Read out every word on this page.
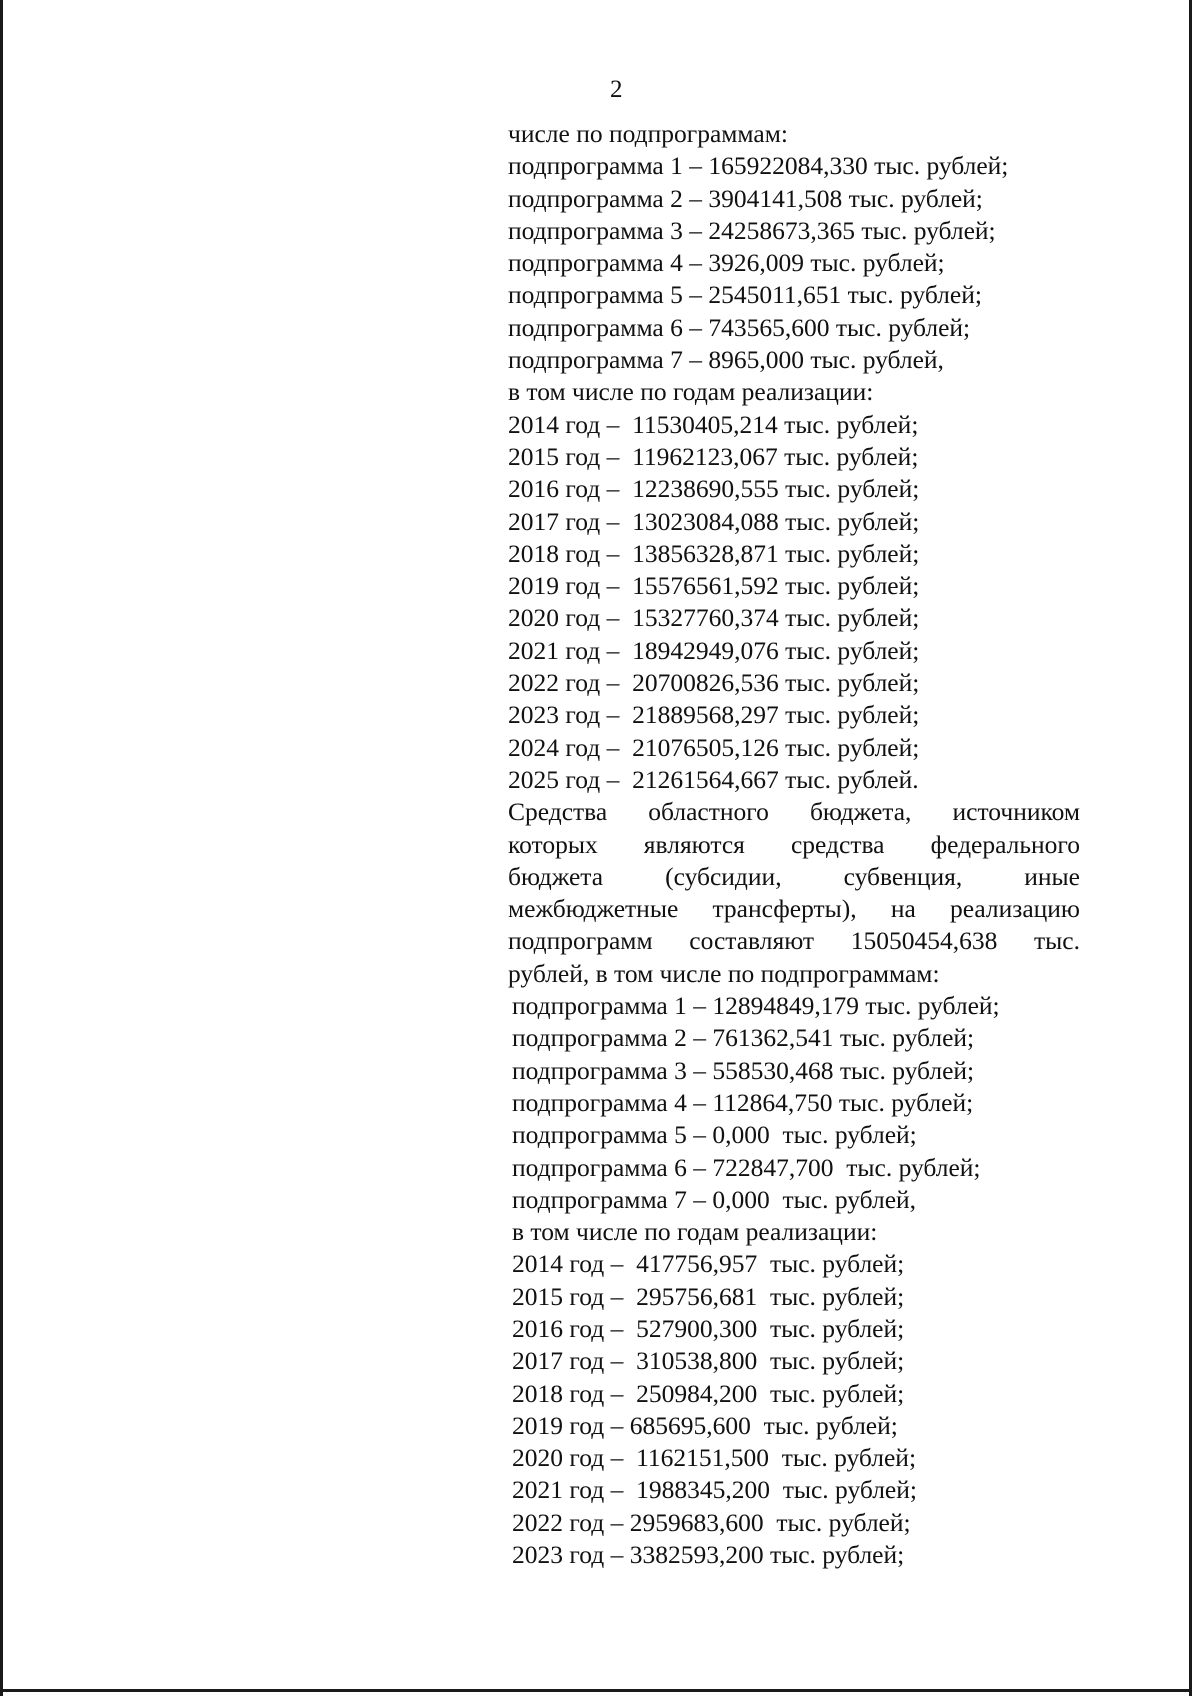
2
числе по подпрограммам:
подпрограмма 1 – 165922084,330 тыс. рублей;
подпрограмма 2 – 3904141,508 тыс. рублей;
подпрограмма 3 – 24258673,365 тыс. рублей;
подпрограмма 4 – 3926,009 тыс. рублей;
подпрограмма 5 – 2545011,651 тыс. рублей;
подпрограмма 6 – 743565,600 тыс. рублей;
подпрограмма 7 – 8965,000 тыс. рублей,
в том числе по годам реализации:
2014 год –  11530405,214 тыс. рублей;
2015 год –  11962123,067 тыс. рублей;
2016 год –  12238690,555 тыс. рублей;
2017 год –  13023084,088 тыс. рублей;
2018 год –  13856328,871 тыс. рублей;
2019 год –  15576561,592 тыс. рублей;
2020 год –  15327760,374 тыс. рублей;
2021 год –  18942949,076 тыс. рублей;
2022 год –  20700826,536 тыс. рублей;
2023 год –  21889568,297 тыс. рублей;
2024 год –  21076505,126 тыс. рублей;
2025 год –  21261564,667 тыс. рублей.
Средства областного бюджета, источником
которых являются средства федерального
бюджета (субсидии, субвенция, иные
межбюджетные трансферты), на реализацию
подпрограмм составляют 15050454,638 тыс.
рублей, в том числе по подпрограммам:
подпрограмма 1 – 12894849,179 тыс. рублей;
подпрограмма 2 – 761362,541 тыс. рублей;
подпрограмма 3 – 558530,468 тыс. рублей;
подпрограмма 4 – 112864,750 тыс. рублей;
подпрограмма 5 – 0,000  тыс. рублей;
подпрограмма 6 – 722847,700  тыс. рублей;
подпрограмма 7 – 0,000  тыс. рублей,
в том числе по годам реализации:
2014 год –  417756,957  тыс. рублей;
2015 год –  295756,681  тыс. рублей;
2016 год –  527900,300  тыс. рублей;
2017 год –  310538,800  тыс. рублей;
2018 год –  250984,200  тыс. рублей;
2019 год – 685695,600  тыс. рублей;
2020 год –  1162151,500  тыс. рублей;
2021 год –  1988345,200  тыс. рублей;
2022 год – 2959683,600  тыс. рублей;
2023 год – 3382593,200 тыс. рублей;
